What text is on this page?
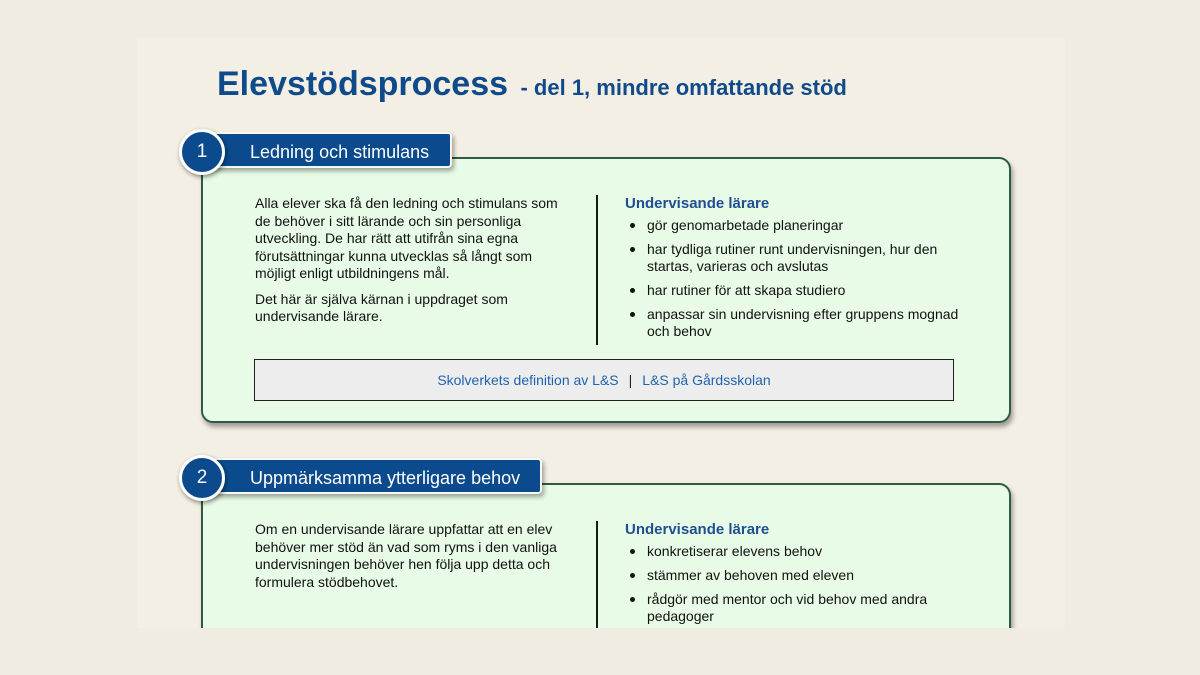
Elevstödsprocess - del 1, mindre omfattande stöd

Alla elever ska få den ledning och stimulans som de behöver i sitt lärande och sin personliga utveckling. De har rätt att utifrån sina egna förutsättningar kunna utvecklas så långt som möjligt enligt utbildningens mål.

Det här är själva kärnan i uppdraget som undervisande lärare.

Undervisande lärare
gör genomarbetade planeringar
har tydliga rutiner runt undervisningen, hur den startas, varieras och avslutas
har rutiner för att skapa studiero
anpassar sin undervisning efter gruppens mognad och behov
Skolverkets definition av L&S | L&S på Gårdsskolan
Ledning och stimulans
1

Om en undervisande lärare uppfattar att en elev behöver mer stöd än vad som ryms i den vanliga undervisningen behöver hen följa upp detta och formulera stödbehovet.

Undervisande lärare
konkretiserar elevens behov
stämmer av behoven med eleven
rådgör med mentor och vid behov med andra pedagoger
Uppmärksamma ytterligare behov
2
